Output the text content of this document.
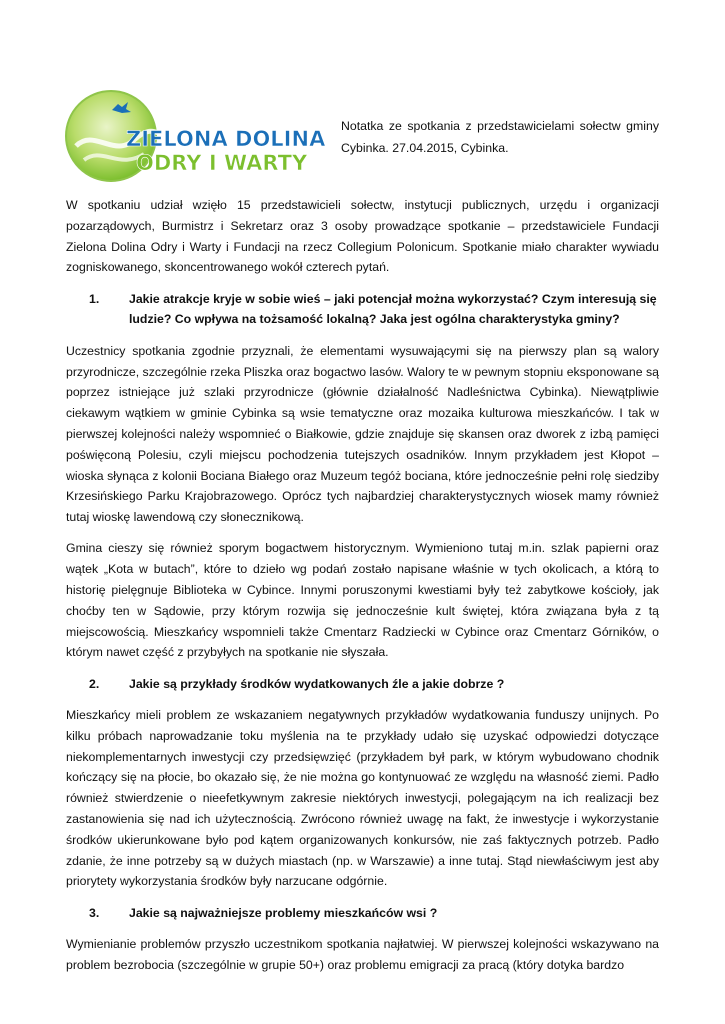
ZIELONA DOLINA
ODRY I WARTY
Notatka ze spotkania z przedstawicielami sołectw gminy Cybinka. 27.04.2015, Cybinka.

W spotkaniu udział wzięło 15 przedstawicieli sołectw, instytucji publicznych, urzędu i organizacji pozarządowych, Burmistrz i Sekretarz oraz 3 osoby prowadzące spotkanie – przedstawiciele Fundacji Zielona Dolina Odry i Warty i Fundacji na rzecz Collegium Polonicum. Spotkanie miało charakter wywiadu zogniskowanego, skoncentrowanego wokół czterech pytań.

1.	Jakie atrakcje kryje w sobie wieś – jaki potencjał można wykorzystać? Czym interesują się ludzie? Co wpływa na tożsamość lokalną? Jaka jest ogólna charakterystyka gminy?

Uczestnicy spotkania zgodnie przyznali, że elementami wysuwającymi się na pierwszy plan są walory przyrodnicze, szczególnie rzeka Pliszka oraz bogactwo lasów. Walory te w pewnym stopniu eksponowane są poprzez istniejące już szlaki przyrodnicze (głównie działalność Nadleśnictwa Cybinka). Niewątpliwie ciekawym wątkiem w gminie Cybinka są wsie tematyczne oraz mozaika kulturowa mieszkańców. I tak w pierwszej kolejności należy wspomnieć o Białkowie, gdzie znajduje się skansen oraz dworek z izbą pamięci poświęconą Polesiu, czyli miejscu pochodzenia tutejszych osadników. Innym przykładem jest Kłopot – wioska słynąca z kolonii Bociana Białego oraz Muzeum tegóż bociana, które jednocześnie pełni rolę siedziby Krzesińskiego Parku Krajobrazowego. Oprócz tych najbardziej charakterystycznych wiosek mamy również tutaj wioskę lawendową czy słonecznikową.

Gmina cieszy się również sporym bogactwem historycznym. Wymieniono tutaj m.in. szlak papierni oraz wątek „Kota w butach”, które to dzieło wg podań zostało napisane właśnie w tych okolicach, a którą to historię pielęgnuje Biblioteka w Cybince. Innymi poruszonymi kwestiami były też zabytkowe kościoły, jak choćby ten w Sądowie, przy którym rozwija się jednocześnie kult świętej, która związana była z tą miejscowością. Mieszkańcy wspomnieli także Cmentarz Radziecki w Cybince oraz Cmentarz Górników, o którym nawet część z przybyłych na spotkanie nie słyszała.

2.	Jakie są przykłady środków wydatkowanych źle a jakie dobrze ?

Mieszkańcy mieli problem ze wskazaniem negatywnych przykładów wydatkowania funduszy unijnych. Po kilku próbach naprowadzanie toku myślenia na te przykłady udało się uzyskać odpowiedzi dotyczące niekomplementarnych inwestycji czy przedsięwzięć (przykładem był park, w którym wybudowano chodnik kończący się na płocie, bo okazało się, że nie można go kontynuować ze względu na własność ziemi. Padło również stwierdzenie o nieefetkywnym zakresie niektórych inwestycji, polegającym na ich realizacji bez zastanowienia się nad ich użytecznością. Zwrócono również uwagę na fakt, że inwestycje i wykorzystanie środków ukierunkowane było pod kątem organizowanych konkursów, nie zaś faktycznych potrzeb. Padło zdanie, że inne potrzeby są w dużych miastach (np. w Warszawie) a inne tutaj. Stąd niewłaściwym jest aby priorytety wykorzystania środków były narzucane odgórnie.

3.	Jakie są najważniejsze problemy mieszkańców wsi ?

Wymienianie problemów przyszło uczestnikom spotkania najłatwiej. W pierwszej kolejności wskazywano na problem bezrobocia (szczególnie w grupie 50+) oraz problemu emigracji za pracą (który dotyka bardzo
